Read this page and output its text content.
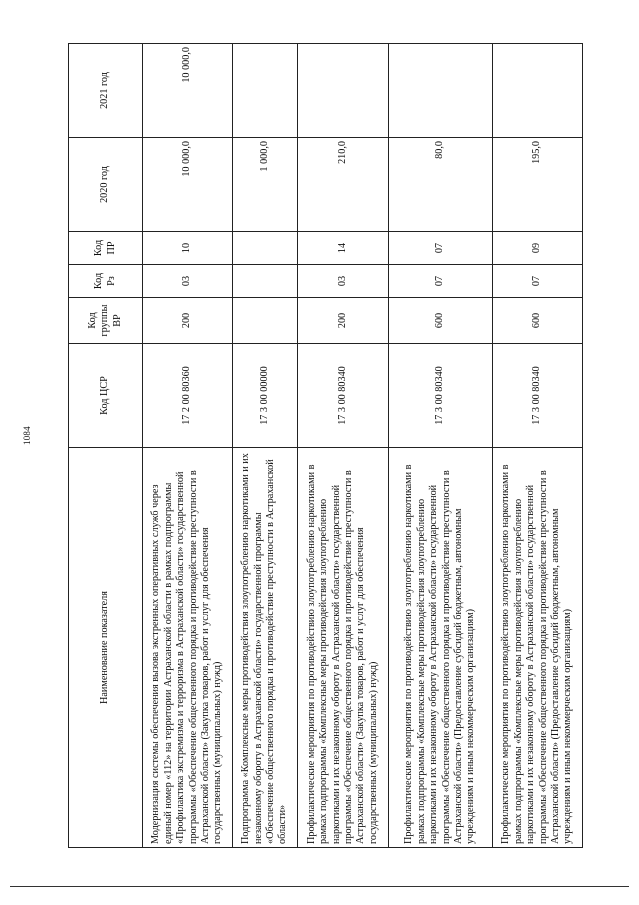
1084
Наименование показателя	Код ЦСР	Код группы ВР	Код Рз	Код ПР	2020 год	2021 год
Модернизация системы обеспечения вызова экстренных оперативных служб через единый номер «112» на территории Астраханской области в рамках подпрограммы «Профилактика экстремизма и терроризма в Астраханской области» государственной программы «Обеспечение общественного порядка и противодействие преступности в Астраханской области» (Закупка товаров, работ и услуг для обеспечения государственных (муниципальных) нужд)	17 2 00 80360	200	03	10	10 000,0	10 000,0
Подпрограмма «Комплексные меры противодействия злоупотреблению наркотиками и их незаконному обороту в Астраханской области» государственной программы «Обеспечение общественного порядка и противодействие преступности в Астраханской области»	17 3 00 00000				1 000,0	
Профилактические мероприятия по противодействию злоупотреблению наркотиками в рамках подпрограммы «Комплексные меры противодействия злоупотреблению наркотиками и их незаконному обороту в Астраханской области» государственной программы «Обеспечение общественного порядка и противодействие преступности в Астраханской области» (Закупка товаров, работ и услуг для обеспечения государственных (муниципальных) нужд)	17 3 00 80340	200	03	14	210,0	
Профилактические мероприятия по противодействию злоупотреблению наркотиками в рамках подпрограммы «Комплексные меры противодействия злоупотреблению наркотиками и их незаконному обороту в Астраханской области» государственной программы «Обеспечение общественного порядка и противодействие преступности в Астраханской области» (Предоставление субсидий бюджетным, автономным учреждениям и иным некоммерческим организациям)	17 3 00 80340	600	07	07	80,0	
Профилактические мероприятия по противодействию злоупотреблению наркотиками в рамках подпрограммы «Комплексные меры противодействия злоупотреблению наркотиками и их незаконному обороту в Астраханской области» государственной программы «Обеспечение общественного порядка и противодействие преступности в Астраханской области» (Предоставление субсидий бюджетным, автономным учреждениям и иным некоммерческим организациям)	17 3 00 80340	600	07	09	195,0	
